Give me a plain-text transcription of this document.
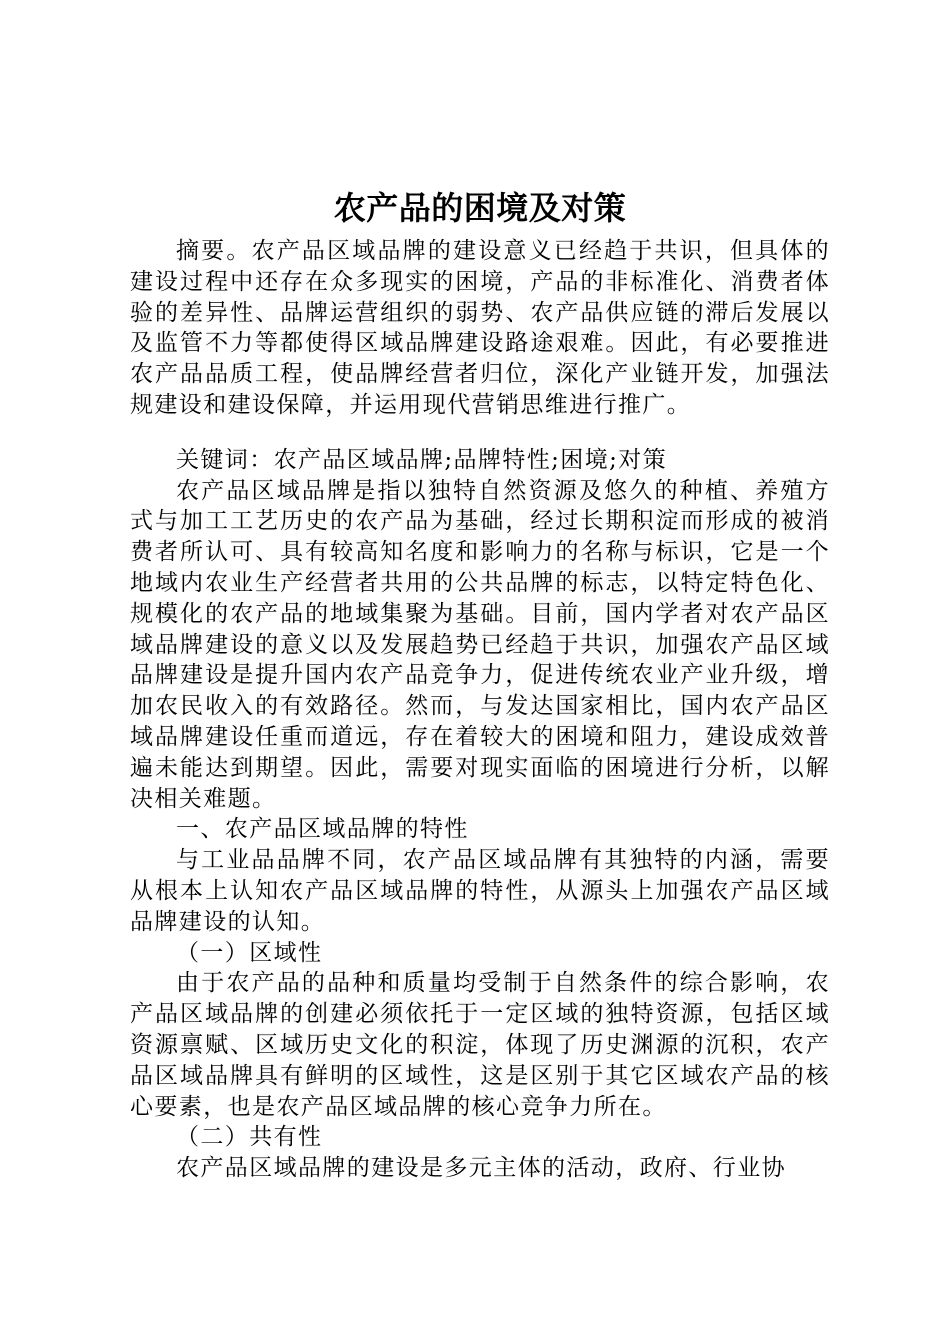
农产品的困境及对策

摘要。农产品区域品牌的建设意义已经趋于共识，但具体的建设过程中还存在众多现实的困境，产品的非标准化、消费者体验的差异性、品牌运营组织的弱势、农产品供应链的滞后发展以及监管不力等都使得区域品牌建设路途艰难。因此，有必要推进农产品品质工程，使品牌经营者归位，深化产业链开发，加强法规建设和建设保障，并运用现代营销思维进行推广。

关键词：农产品区域品牌;品牌特性;困境;对策

农产品区域品牌是指以独特自然资源及悠久的种植、养殖方式与加工工艺历史的农产品为基础，经过长期积淀而形成的被消费者所认可、具有较高知名度和影响力的名称与标识，它是一个地域内农业生产经营者共用的公共品牌的标志，以特定特色化、规模化的农产品的地域集聚为基础。目前，国内学者对农产品区域品牌建设的意义以及发展趋势已经趋于共识，加强农产品区域品牌建设是提升国内农产品竞争力，促进传统农业产业升级，增加农民收入的有效路径。然而，与发达国家相比，国内农产品区域品牌建设任重而道远，存在着较大的困境和阻力，建设成效普遍未能达到期望。因此，需要对现实面临的困境进行分析，以解决相关难题。

一、农产品区域品牌的特性

与工业品品牌不同，农产品区域品牌有其独特的内涵，需要从根本上认知农产品区域品牌的特性，从源头上加强农产品区域品牌建设的认知。

（一）区域性

由于农产品的品种和质量均受制于自然条件的综合影响，农产品区域品牌的创建必须依托于一定区域的独特资源，包括区域资源禀赋、区域历史文化的积淀，体现了历史渊源的沉积，农产品区域品牌具有鲜明的区域性，这是区别于其它区域农产品的核心要素，也是农产品区域品牌的核心竞争力所在。

（二）共有性

农产品区域品牌的建设是多元主体的活动，政府、行业协
